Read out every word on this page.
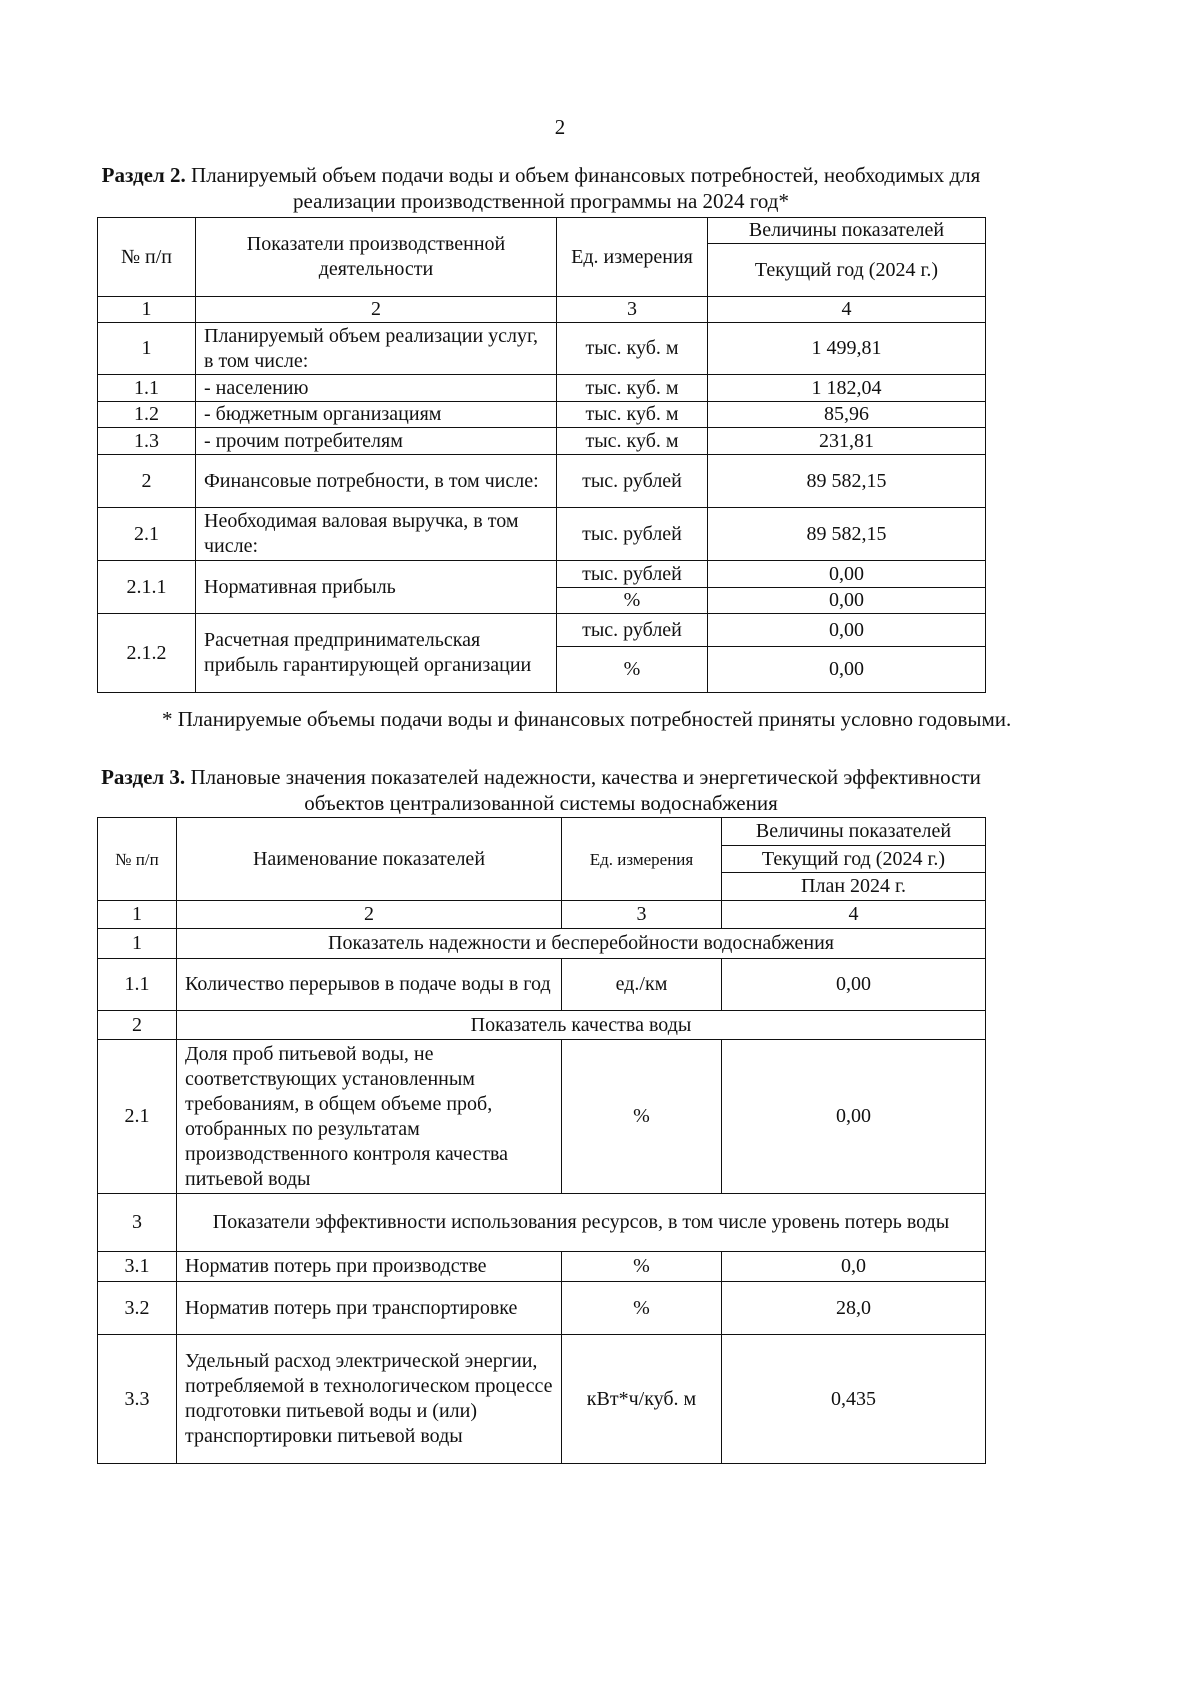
2
Раздел 2. Планируемый объем подачи воды и объем финансовых потребностей, необходимых для реализации производственной программы на 2024 год*
№ п/п	Показатели производственной деятельности	Ед. измерения	Величины показателей
			Текущий год (2024 г.)
1	2	3	4
1	Планируемый объем реализации услуг, в том числе:	тыс. куб. м	1 499,81
1.1	- населению	тыс. куб. м	1 182,04
1.2	- бюджетным организациям	тыс. куб. м	85,96
1.3	- прочим потребителям	тыс. куб. м	231,81
2	Финансовые потребности, в том числе:	тыс. рублей	89 582,15
2.1	Необходимая валовая выручка, в том числе:	тыс. рублей	89 582,15
2.1.1	Нормативная прибыль	тыс. рублей	0,00
		%	0,00
2.1.2	Расчетная предпринимательская прибыль гарантирующей организации	тыс. рублей	0,00
		%	0,00
* Планируемые объемы подачи воды и финансовых потребностей приняты условно годовыми.
Раздел 3. Плановые значения показателей надежности, качества и энергетической эффективности объектов централизованной системы водоснабжения
№ п/п	Наименование показателей	Ед. измерения	Величины показателей
			Текущий год (2024 г.)
			План 2024 г.
1	2	3	4
1	Показатель надежности и бесперебойности водоснабжения		
1.1	Количество перерывов в подаче воды в год	ед./км	0,00
2	Показатель качества воды		
2.1	Доля проб питьевой воды, не соответствующих установленным требованиям, в общем объеме проб, отобранных по результатам производственного контроля качества питьевой воды	%	0,00
3	Показатели эффективности использования ресурсов, в том числе уровень потерь воды		
3.1	Норматив потерь при производстве	%	0,0
3.2	Норматив потерь при транспортировке	%	28,0
3.3	Удельный расход электрической энергии, потребляемой в технологическом процессе подготовки питьевой воды и (или) транспортировки питьевой воды	кВт*ч/куб. м	0,435
